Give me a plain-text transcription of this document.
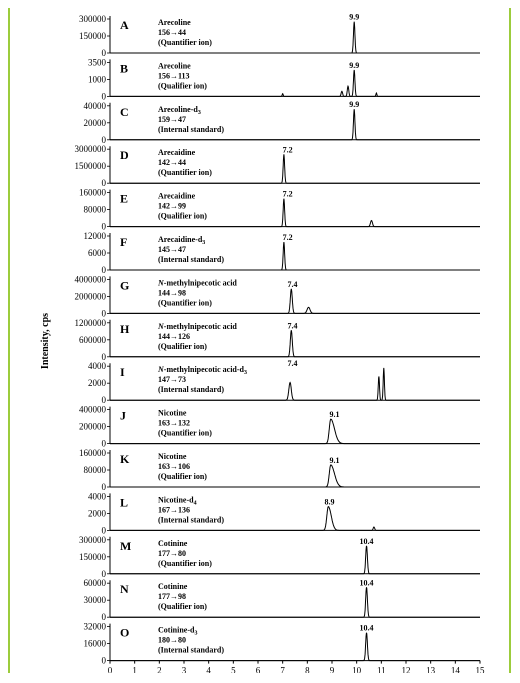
300000
150000
0
A	Arecoline
156→44
(Quantifier ion)
9.9
3500
1000
0
B	Arecoline
156→113
(Qualifier ion)
9.9
40000
20000
0
C	Arecoline-$d_3$
159→47
(Internal standard)
9.9
3000000
1500000
0
D	Arecaidine
142→44
(Quantifier ion)
7.2
160000
80000
0
E	Arecaidine
142→99
(Qualifier ion)
7.2
12000
6000
0
F	Arecaidine-$d_3$
145→47
(Internal standard)
7.2
4000000
2000000
0
G	N-methylnipecotic acid
144→98
(Quantifier ion)
7.4
1200000
600000
0
H	N-methylnipecotic acid
144→126
(Qualifier ion)
7.4
4000
2000
0
I	N-methylnipecotic acid-$d_3$
147→73
(Internal standard)
7.4
400000
200000
0
J	Nicotine
163→132
(Quantifier ion)
9.1
160000
80000
0
K	Nicotine
163→106
(Qualifier ion)
9.1
4000
2000
0
L	Nicotine-$d_4$
167→136
(Internal standard)
8.9
300000
150000
0
M	Cotinine
177→80
(Quantifier ion)
10.4
60000
30000
0
N	Cotinine
177→98
(Qualifier ion)
10.4
32000
16000
0
O	Cotinine-$d_3$
180→80
(Internal standard)
10.4
0 1 2 3 4 5 6 7 8 9 10 11 12 13 14 15
Intensity, cps
